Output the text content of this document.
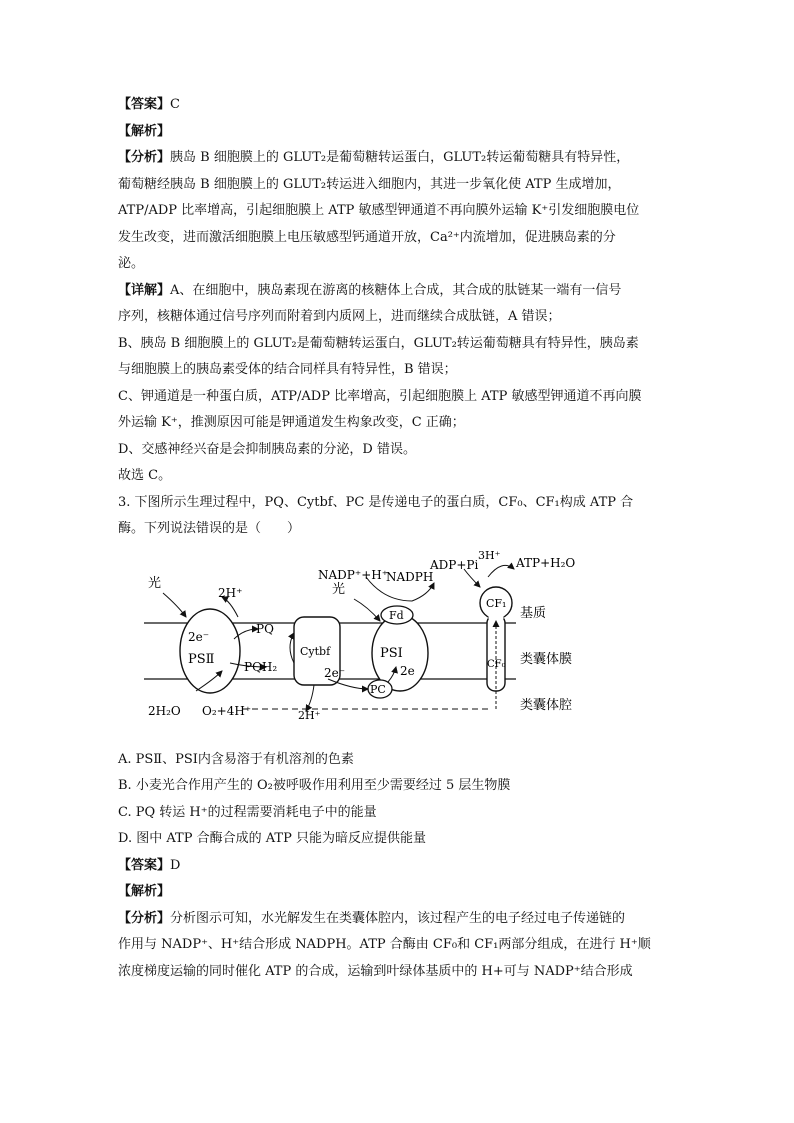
【答案】C

【解析】

【分析】胰岛 B 细胞膜上的 GLUT₂是葡萄糖转运蛋白，GLUT₂转运葡萄糖具有特异性，

葡萄糖经胰岛 B 细胞膜上的 GLUT₂转运进入细胞内，其进一步氧化使 ATP 生成增加，

ATP/ADP 比率增高，引起细胞膜上 ATP 敏感型钾通道不再向膜外运输 K⁺引发细胞膜电位

发生改变，进而激活细胞膜上电压敏感型钙通道开放，Ca²⁺内流增加，促进胰岛素的分

泌。

【详解】A、在细胞中，胰岛素现在游离的核糖体上合成，其合成的肽链某一端有一信号

序列，核糖体通过信号序列而附着到内质网上，进而继续合成肽链，A 错误；

B、胰岛 B 细胞膜上的 GLUT₂是葡萄糖转运蛋白，GLUT₂转运葡萄糖具有特异性，胰岛素

与细胞膜上的胰岛素受体的结合同样具有特异性，B 错误；

C、钾通道是一种蛋白质，ATP/ADP 比率增高，引起细胞膜上 ATP 敏感型钾通道不再向膜

外运输 K⁺，推测原因可能是钾通道发生构象改变，C 正确；

D、交感神经兴奋是会抑制胰岛素的分泌，D 错误。

故选 C。

3. 下图所示生理过程中，PQ、Cytbf、PC 是传递电子的蛋白质，CF₀、CF₁构成 ATP 合

酶。下列说法错误的是（　　）

光	光
2H⁺
2e⁻
PSⅡ
PQ
PQH₂
Cytbf
2e⁻
PC
2H₂O O₂+4H⁺	2H⁺
NADP⁺+H⁺
NADPH
Fd
PSⅠ
2e
ADP+Pi
3H⁺
ATP+H₂O
CF₁
CF₀
基质
类囊体膜
类囊体腔

A. PSⅡ、PSⅠ内含易溶于有机溶剂的色素

B. 小麦光合作用产生的 O₂被呼吸作用利用至少需要经过 5 层生物膜

C. PQ 转运 H⁺的过程需要消耗电子中的能量

D. 图中 ATP 合酶合成的 ATP 只能为暗反应提供能量

【答案】D

【解析】

【分析】分析图示可知，水光解发生在类囊体腔内，该过程产生的电子经过电子传递链的

作用与 NADP⁺、H⁺结合形成 NADPH。ATP 合酶由 CF₀和 CF₁两部分组成，在进行 H⁺顺

浓度梯度运输的同时催化 ATP 的合成，运输到叶绿体基质中的 H+可与 NADP⁺结合形成
